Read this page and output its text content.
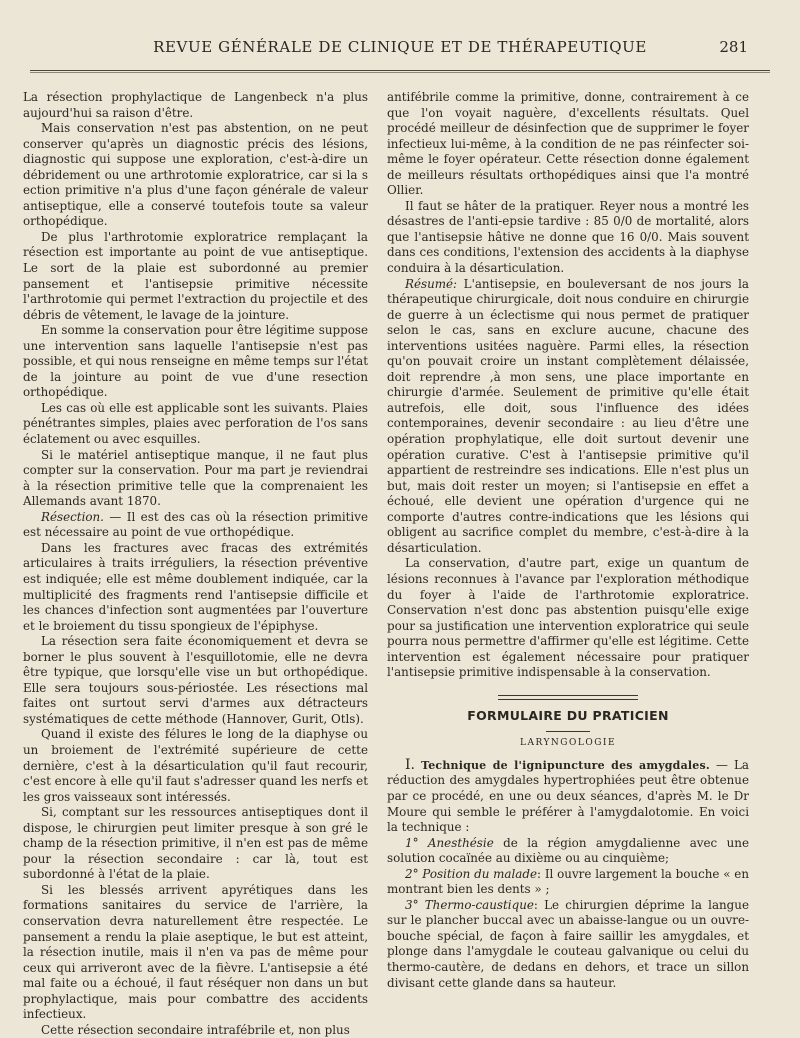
REVUE GÉNÉRALE DE CLINIQUE ET DE THÉRAPEUTIQUE	281

La résection prophylactique de Langenbeck n'a plus aujourd'hui sa raison d'être.

Mais conservation n'est pas abstention, on ne peut conserver qu'après un diagnostic précis des lésions, diagnostic qui suppose une exploration, c'est-à-dire un débridement ou une arthrotomie exploratrice, car si la s ection primitive n'a plus d'une façon générale de valeur antiseptique, elle a conservé toutefois toute sa valeur orthopédique.

De plus l'arthrotomie exploratrice remplaçant la résection est importante au point de vue antiseptique. Le sort de la plaie est subordonné au premier pansement et l'antisepsie primitive nécessite l'arthrotomie qui permet l'extraction du projectile et des débris de vêtement, le lavage de la jointure.

En somme la conservation pour être légitime suppose une intervention sans laquelle l'antisepsie n'est pas possible, et qui nous renseigne en même temps sur l'état de la jointure au point de vue d'une resection orthopédique.

Les cas où elle est applicable sont les suivants. Plaies pénétrantes simples, plaies avec perforation de l'os sans éclatement ou avec esquilles.

Si le matériel antiseptique manque, il ne faut plus compter sur la conservation. Pour ma part je reviendrai à la résection primitive telle que la comprenaient les Allemands avant 1870.

Résection. — Il est des cas où la résection primitive est nécessaire au point de vue orthopédique.

Dans les fractures avec fracas des extrémités articulaires à traits irréguliers, la résection préventive est indiquée; elle est même doublement indiquée, car la multiplicité des fragments rend l'antisepsie difficile et les chances d'infection sont augmentées par l'ouverture et le broiement du tissu spongieux de l'épiphyse.

La résection sera faite économiquement et devra se borner le plus souvent à l'esquillotomie, elle ne devra être typique, que lorsqu'elle vise un but orthopédique. Elle sera toujours sous-périostée. Les résections mal faites ont surtout servi d'armes aux détracteurs systématiques de cette méthode (Hannover, Gurit, Otls).

Quand il existe des félures le long de la diaphyse ou un broiement de l'extrémité supérieure de cette dernière, c'est à la désarticulation qu'il faut recourir, c'est encore à elle qu'il faut s'adresser quand les nerfs et les gros vaisseaux sont intéressés.

Si, comptant sur les ressources antiseptiques dont il dispose, le chirurgien peut limiter presque à son gré le champ de la résection primitive, il n'en est pas de même pour la résection secondaire : car là, tout est subordonné à l'état de la plaie.

Si les blessés arrivent apyrétiques dans les formations sanitaires du service de l'arrière, la conservation devra naturellement être respectée. Le pansement a rendu la plaie aseptique, le but est atteint, la résection inutile, mais il n'en va pas de même pour ceux qui arriveront avec de la fièvre. L'antisepsie a été mal faite ou a échoué, il faut réséquer non dans un but prophylactique, mais pour combattre des accidents infectieux.

Cette résection secondaire intrafébrile et, non plus

antifébrile comme la primitive, donne, contrairement à ce que l'on voyait naguère, d'excellents résultats. Quel procédé meilleur de désinfection que de supprimer le foyer infectieux lui-même, à la condition de ne pas réinfecter soi-même le foyer opérateur. Cette résection donne également de meilleurs résultats orthopédiques ainsi que l'a montré Ollier.

Il faut se hâter de la pratiquer. Reyer nous a montré les désastres de l'anti-epsie tardive : 85 0/0 de mortalité, alors que l'antisepsie hâtive ne donne que 16 0/0. Mais souvent dans ces conditions, l'extension des accidents à la diaphyse conduira à la désarticulation.

Résumé: L'antisepsie, en bouleversant de nos jours la thérapeutique chirurgicale, doit nous conduire en chirurgie de guerre à un éclectisme qui nous permet de pratiquer selon le cas, sans en exclure aucune, chacune des interventions usitées naguère. Parmi elles, la résection qu'on pouvait croire un instant complètement délaissée, doit reprendre ,à mon sens, une place importante en chirurgie d'armée. Seulement de primitive qu'elle était autrefois, elle doit, sous l'influence des idées contemporaines, devenir secondaire : au lieu d'être une opération prophylatique, elle doit surtout devenir une opération curative. C'est à l'antisepsie primitive qu'il appartient de restreindre ses indications. Elle n'est plus un but, mais doit rester un moyen; si l'antisepsie en effet a échoué, elle devient une opération d'urgence qui ne comporte d'autres contre-indications que les lésions qui obligent au sacrifice complet du membre, c'est-à-dire à la désarticulation.

La conservation, d'autre part, exige un quantum de lésions reconnues à l'avance par l'exploration méthodique du foyer à l'aide de l'arthrotomie exploratrice. Conservation n'est donc pas abstention puisqu'elle exige pour sa justification une intervention exploratrice qui seule pourra nous permettre d'affirmer qu'elle est légitime. Cette intervention est également nécessaire pour pratiquer l'antisepsie primitive indispensable à la conservation.

FORMULAIRE DU PRATICIEN
LARYNGOLOGIE

I. Technique de l'ignipuncture des amygdales. — La réduction des amygdales hypertrophiées peut être obtenue par ce procédé, en une ou deux séances, d'après M. le Dr Moure qui semble le préférer à l'amygdalotomie. En voici la technique :

1° Anesthésie de la région amygdalienne avec une solution cocaïnée au dixième ou au cinquième;

2° Position du malade: Il ouvre largement la bouche « en montrant bien les dents » ;

3° Thermo-caustique: Le chirurgien déprime la langue sur le plancher buccal avec un abaisse-langue ou un ouvre-bouche spécial, de façon à faire saillir les amygdales, et plonge dans l'amygdale le couteau galvanique ou celui du thermo-cautère, de dedans en dehors, et trace un sillon divisant cette glande dans sa hauteur.
